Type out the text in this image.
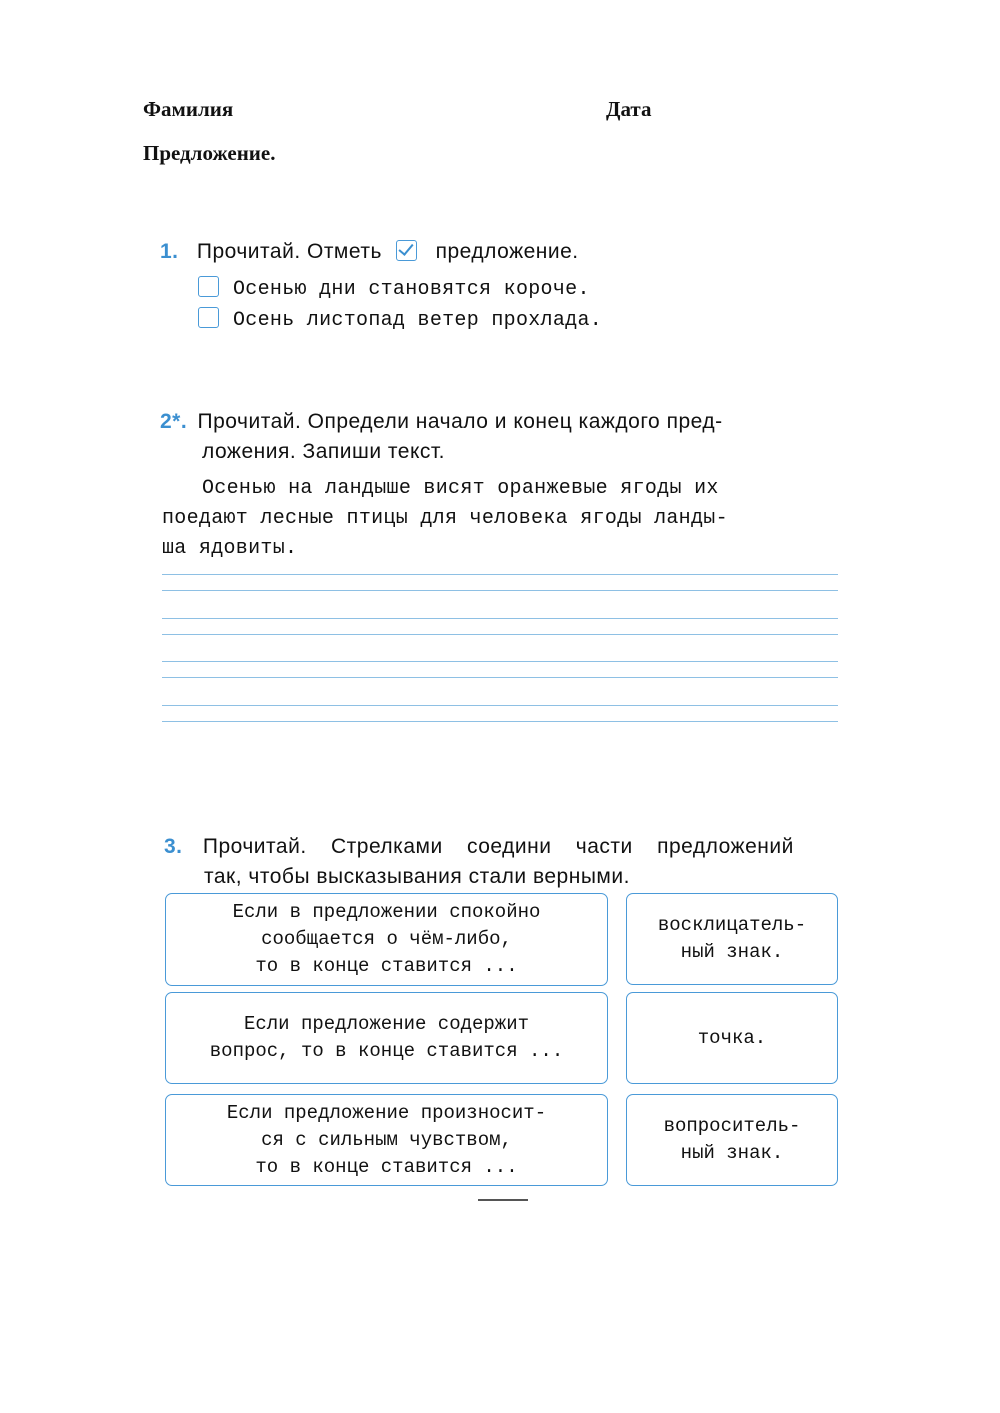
Фамилия	Дата
Предложение.
1. Прочитай. Отметь	предложение.
Осенью дни становятся короче.
Осень листопад ветер прохлада.
2*. Прочитай. Определи начало и конец каждого пред-
ложения. Запиши текст.
Осенью на ландыше висят оранжевые ягоды их
поедают лесные птицы для человека ягоды ланды-
ша ядовиты.
3. Прочитай. Стрелками соедини части предложений
так, чтобы высказывания стали верными.
Если в предложении спокойно
сообщается о чём-либо,
то в конце ставится ...
Если предложение содержит
вопрос, то в конце ставится ...
Если предложение произносит-
ся с сильным чувством,
то в конце ставится ...
восклицатель-
ный знак.
точка.
вопроситель-
ный знак.
